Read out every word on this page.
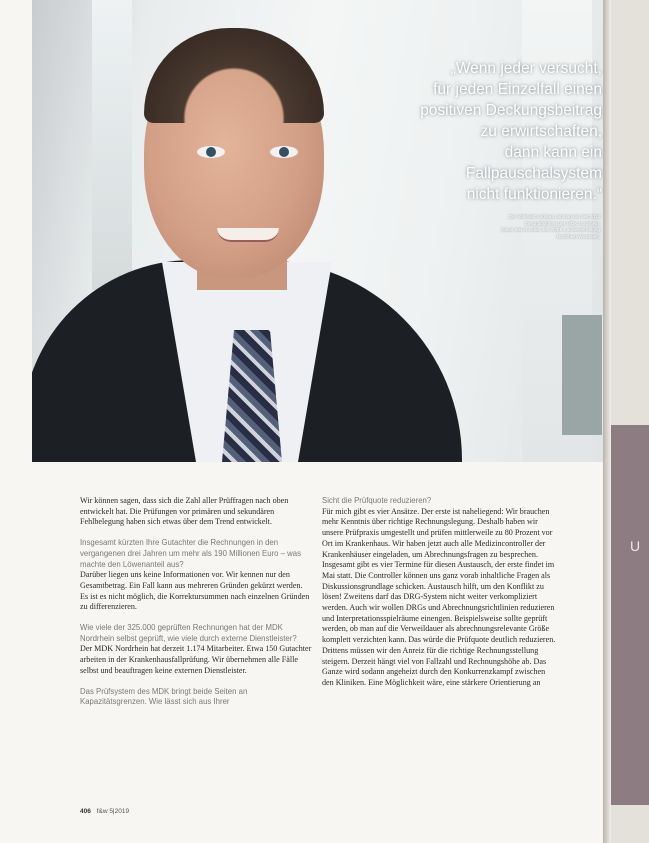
U
„Wenn jeder versucht,
für jeden Einzelfall einen
positiven Deckungsbeitrag
zu erwirtschaften,
dann kann ein
Fallpauschalsystem
nicht funktionieren.“
Der Volkswirt Andreas Lehmann ist seit 2014
Geschäftsführer des MDK Nordrhein.
Davor war er Leiter des VDEK-Landesvertretung
Nordrhein-Westfalen.

Wir können sagen, dass sich die Zahl aller Prüffragen nach oben entwickelt hat. Die Prüfungen vor primären und sekundären Fehlbelegung haben sich etwas über dem Trend entwickelt.

Insgesamt kürzten Ihre Gutachter die Rechnungen in den vergangenen drei Jahren um mehr als 190 Millionen Euro – was machte den Löwenanteil aus?

Darüber liegen uns keine Informationen vor. Wir kennen nur den Gesamtbetrag. Ein Fall kann aus mehreren Gründen gekürzt werden. Es ist es nicht möglich, die Korrektursummen nach einzelnen Gründen zu differenzieren.

Wie viele der 325.000 geprüften Rechnungen hat der MDK Nordrhein selbst geprüft, wie viele durch externe Dienstleister?

Der MDK Nordrhein hat derzeit 1.174 Mitarbeiter. Etwa 150 Gutachter arbeiten in der Krankenhausfallprüfung. Wir übernehmen alle Fälle selbst und beauftragen keine externen Dienstleister.

Das Prüfsystem des MDK bringt beide Seiten an Kapazitätsgrenzen. Wie lässt sich aus Ihrer

Sicht die Prüfquote reduzieren?

Für mich gibt es vier Ansätze. Der erste ist naheliegend: Wir brauchen mehr Kenntnis über richtige Rechnungslegung. Deshalb haben wir unsere Prüfpraxis umgestellt und prüfen mittlerweile zu 80 Prozent vor Ort im Krankenhaus. Wir haben jetzt auch alle Medizincontroller der Krankenhäuser eingeladen, um Abrechnungsfragen zu besprechen. Insgesamt gibt es vier Termine für diesen Austausch, der erste findet im Mai statt. Die Controller können uns ganz vorab inhaltliche Fragen als Diskussionsgrundlage schicken. Austausch hilft, um den Konflikt zu lösen! Zweitens darf das DRG-System nicht weiter verkompliziert werden. Auch wir wollen DRGs und Abrechnungsrichtlinien reduzieren und Interpretationsspielräume einengen. Beispielsweise sollte geprüft werden, ob man auf die Verweildauer als abrechnungsrelevante Größe komplett verzichten kann. Das würde die Prüfquote deutlich reduzieren. Drittens müssen wir den Anreiz für die richtige Rechnungsstellung steigern. Derzeit hängt viel von Fallzahl und Rechnungshöhe ab. Das Ganze wird sodann angeheizt durch den Konkurrenzkampf zwischen den Kliniken. Eine Möglichkeit wäre, eine stärkere Orientierung an

406 f&w 5|2019
